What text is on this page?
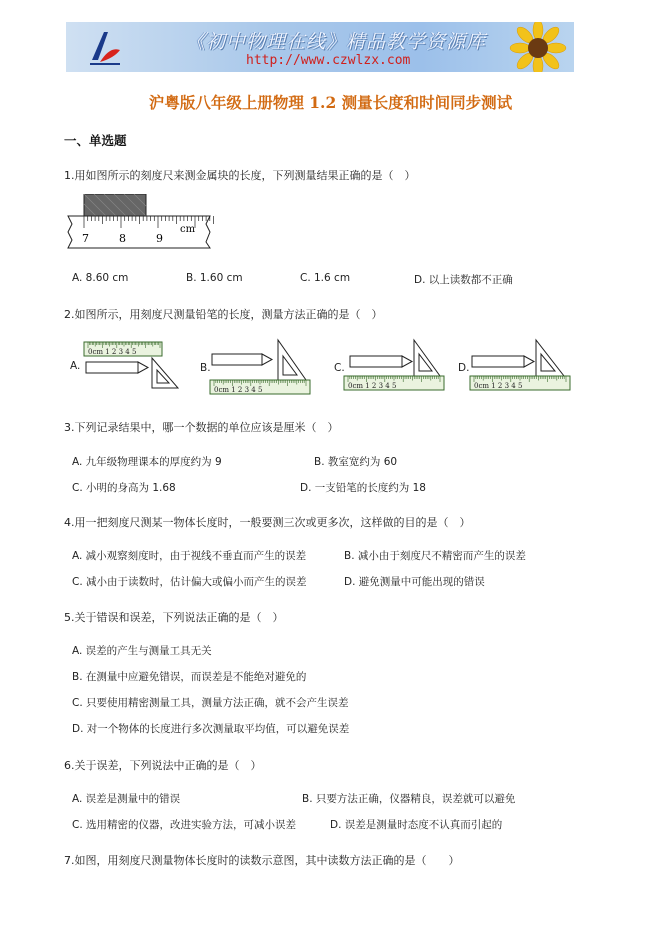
《初中物理在线》精品教学资源库
http://www.czwlzx.com
沪粤版八年级上册物理 1.2 测量长度和时间同步测试
一、单选题
1.用如图所示的刻度尺来测金属块的长度，下列测量结果正确的是（　）
7	8	9
cm
A. 8.60 cm	B. 1.60 cm	C. 1.6 cm	D. 以上读数都不正确
2.如图所示，用刻度尺测量铅笔的长度，测量方法正确的是（　）
A.
0cm 1 2 3 4 5
B.
0cm 1 2 3 4 5
C.
0cm 1 2 3 4 5
D.
0cm 1 2 3 4 5
3.下列记录结果中，哪一个数据的单位应该是厘米（　）
A. 九年级物理课本的厚度约为 9	B. 教室宽约为 60
C. 小明的身高为 1.68	D. 一支铅笔的长度约为 18
4.用一把刻度尺测某一物体长度时，一般要测三次或更多次，这样做的目的是（　）
A. 减小观察刻度时，由于视线不垂直而产生的误差	B. 减小由于刻度尺不精密而产生的误差
C. 减小由于读数时，估计偏大或偏小而产生的误差	D. 避免测量中可能出现的错误
5.关于错误和误差，下列说法正确的是（　）
A. 误差的产生与测量工具无关
B. 在测量中应避免错误，而误差是不能绝对避免的
C. 只要使用精密测量工具，测量方法正确，就不会产生误差
D. 对一个物体的长度进行多次测量取平均值，可以避免误差
6.关于误差，下列说法中正确的是（　）
A. 误差是测量中的错误	B. 只要方法正确，仪器精良，误差就可以避免
C. 选用精密的仪器，改进实验方法，可减小误差	D. 误差是测量时态度不认真而引起的
7.如图，用刻度尺测量物体长度时的读数示意图，其中读数方法正确的是（　　）
